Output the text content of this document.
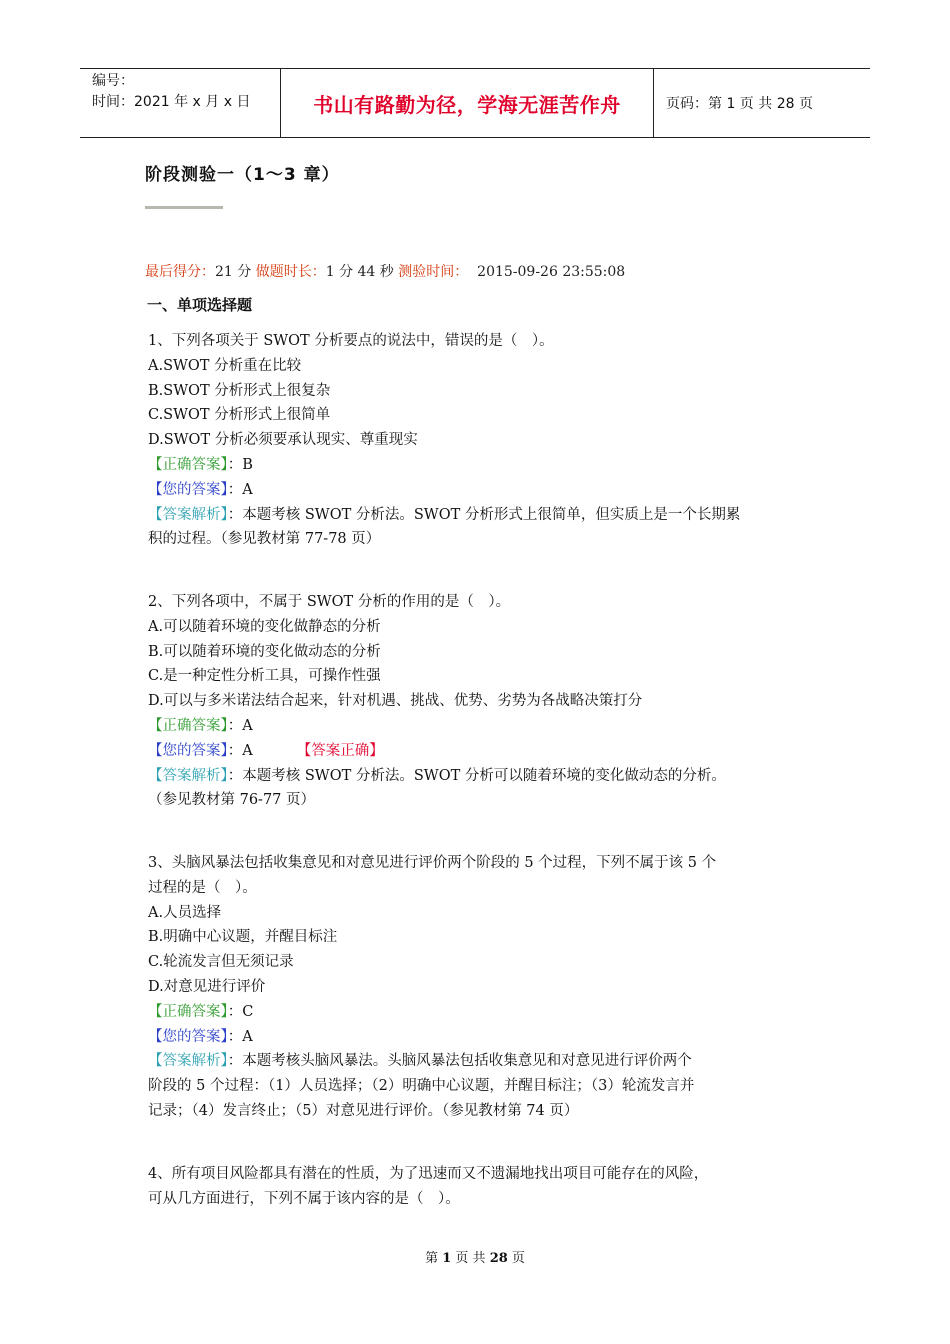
编号：
时间：2021 年 x 月 x 日	书山有路勤为径，学海无涯苦作舟	页码：第 1 页 共 28 页
阶段测验一（1～3 章）
最后得分：21 分 做题时长：1 分 44 秒 测验时间： 2015-09-26 23:55:08
一、单项选择题
1、下列各项关于 SWOT 分析要点的说法中，错误的是（　）。
A.SWOT 分析重在比较
B.SWOT 分析形式上很复杂
C.SWOT 分析形式上很简单
D.SWOT 分析必须要承认现实、尊重现实
【正确答案】：B
【您的答案】：A
【答案解析】：本题考核 SWOT 分析法。SWOT 分析形式上很简单，但实质上是一个长期累
积的过程。（参见教材第 77-78 页）
2、下列各项中，不属于 SWOT 分析的作用的是（　）。
A.可以随着环境的变化做静态的分析
B.可以随着环境的变化做动态的分析
C.是一种定性分析工具，可操作性强
D.可以与多米诺法结合起来，针对机遇、挑战、优势、劣势为各战略决策打分
【正确答案】：A
【您的答案】：A	【答案正确】
【答案解析】：本题考核 SWOT 分析法。SWOT 分析可以随着环境的变化做动态的分析。
（参见教材第 76-77 页）
3、头脑风暴法包括收集意见和对意见进行评价两个阶段的 5 个过程，下列不属于该 5 个
过程的是（　）。
A.人员选择
B.明确中心议题，并醒目标注
C.轮流发言但无须记录
D.对意见进行评价
【正确答案】：C
【您的答案】：A
【答案解析】：本题考核头脑风暴法。头脑风暴法包括收集意见和对意见进行评价两个
阶段的 5 个过程：（1）人员选择；（2）明确中心议题，并醒目标注；（3）轮流发言并
记录；（4）发言终止；（5）对意见进行评价。（参见教材第 74 页）
4、所有项目风险都具有潜在的性质，为了迅速而又不遗漏地找出项目可能存在的风险，
可从几方面进行，下列不属于该内容的是（　）。
第 1 页 共 28 页
